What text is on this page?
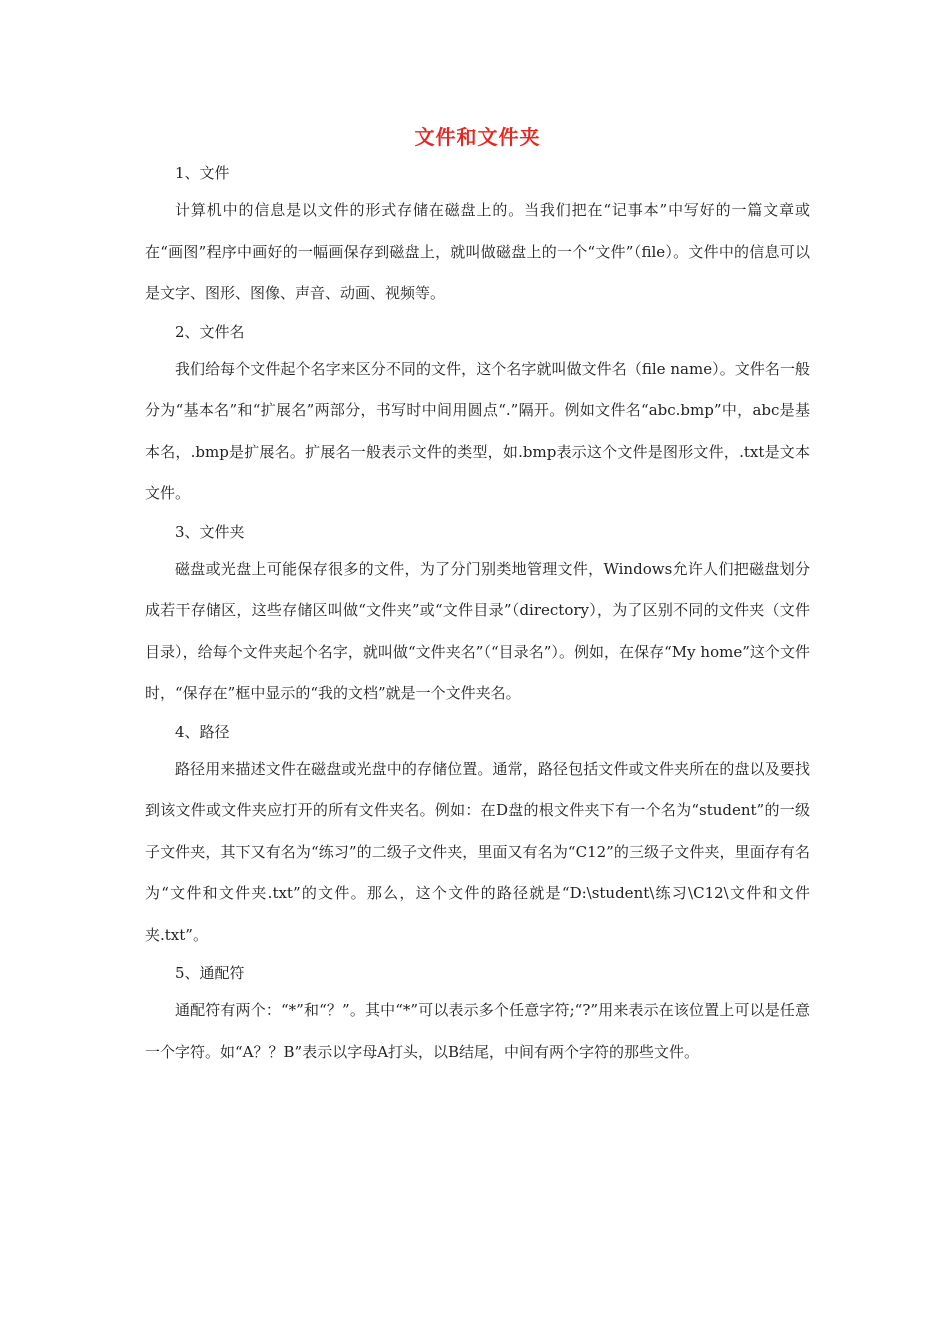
文件和文件夹

1、文件

计算机中的信息是以文件的形式存储在磁盘上的。当我们把在“记事本”中写好的一篇文章或在“画图”程序中画好的一幅画保存到磁盘上，就叫做磁盘上的一个“文件”（file）。文件中的信息可以是文字、图形、图像、声音、动画、视频等。

2、文件名

我们给每个文件起个名字来区分不同的文件，这个名字就叫做文件名（file name）。文件名一般分为“基本名”和“扩展名”两部分，书写时中间用圆点“.”隔开。例如文件名“abc.bmp”中，abc是基本名，.bmp是扩展名。扩展名一般表示文件的类型，如.bmp表示这个文件是图形文件，.txt是文本文件。

3、文件夹

磁盘或光盘上可能保存很多的文件，为了分门别类地管理文件，Windows允许人们把磁盘划分成若干存储区，这些存储区叫做“文件夹”或“文件目录”（directory），为了区别不同的文件夹（文件目录），给每个文件夹起个名字，就叫做“文件夹名”（“目录名”）。例如，在保存“My home”这个文件时，“保存在”框中显示的“我的文档”就是一个文件夹名。

4、路径

路径用来描述文件在磁盘或光盘中的存储位置。通常，路径包括文件或文件夹所在的盘以及要找到该文件或文件夹应打开的所有文件夹名。例如：在D盘的根文件夹下有一个名为“student”的一级子文件夹，其下又有名为“练习”的二级子文件夹，里面又有名为“C12”的三级子文件夹，里面存有名为“文件和文件夹.txt”的文件。那么，这个文件的路径就是“D:\student\练习\C12\文件和文件夹.txt”。

5、通配符

通配符有两个：“*”和“？”。其中“*”可以表示多个任意字符;“?”用来表示在该位置上可以是任意一个字符。如“A？？B”表示以字母A打头，以B结尾，中间有两个字符的那些文件。
